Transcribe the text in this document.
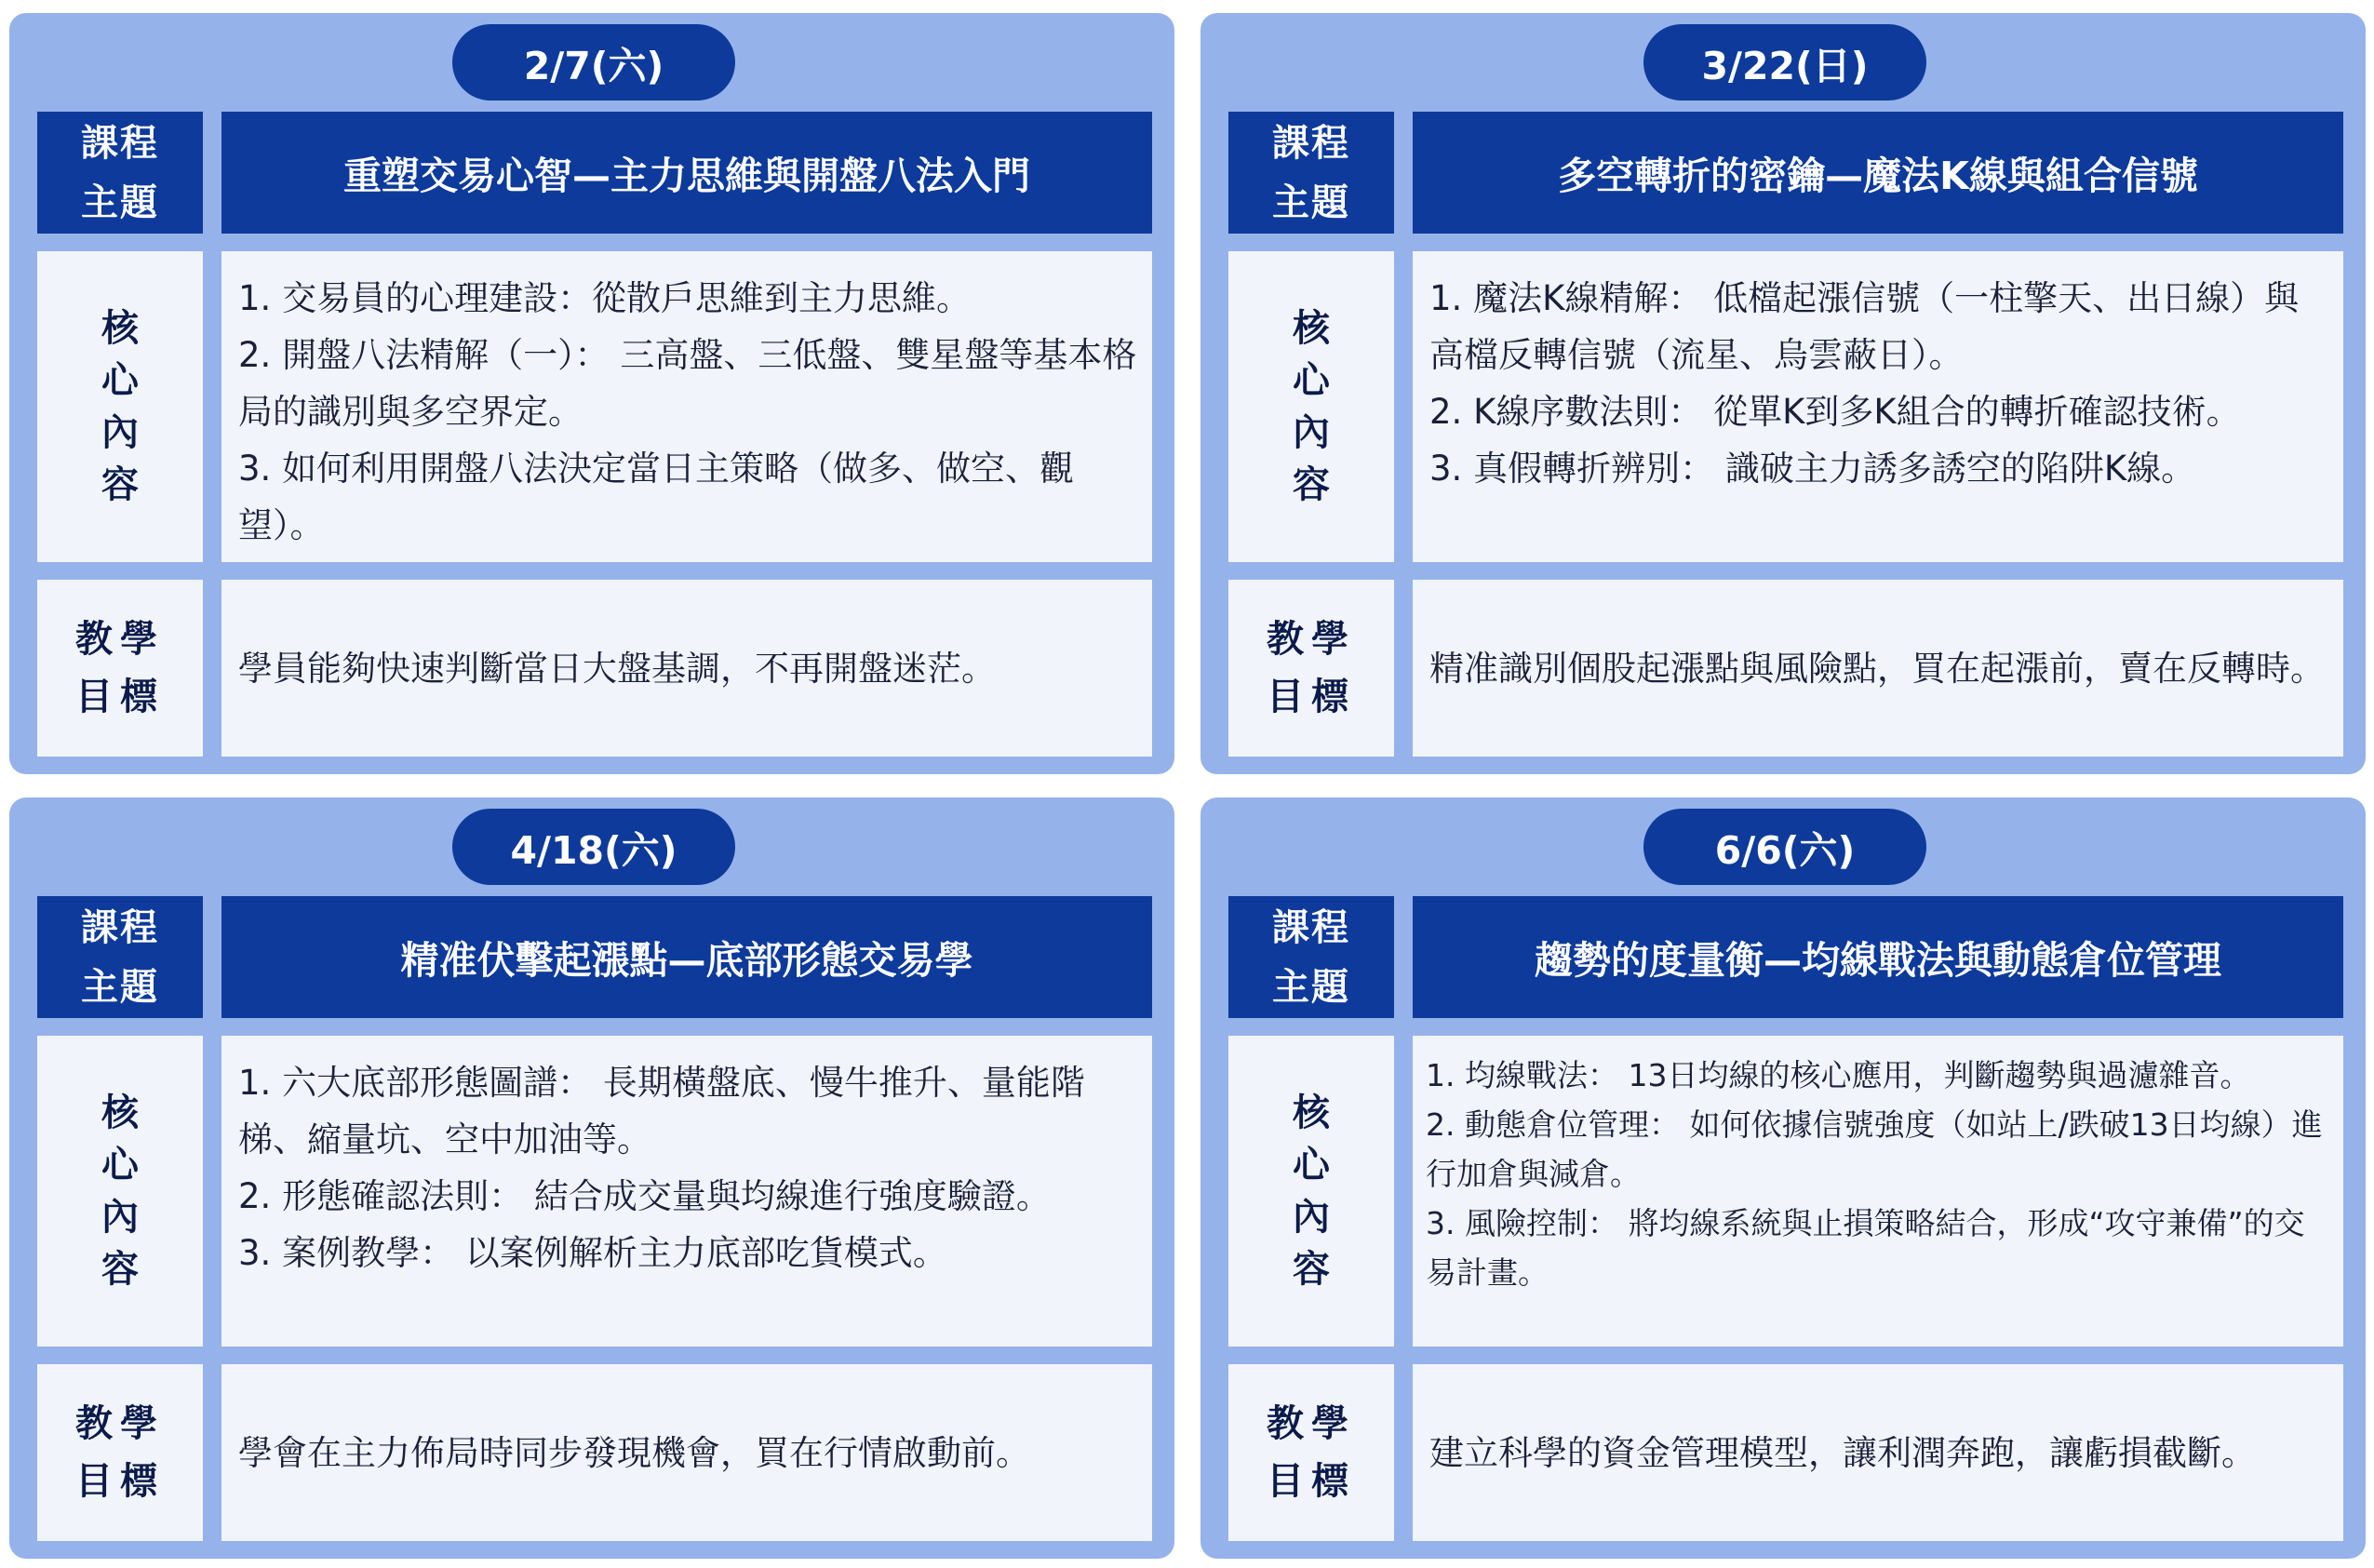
2/7(六)
課程
主題
重塑交易心智—主力思維與開盤八法入門
核心內容
1. 交易員的心理建設：從散戶思維到主力思維。
2. 開盤八法精解（一）： 三高盤、三低盤、雙星盤等基本格局的識別與多空界定。
3. 如何利用開盤八法決定當日主策略（做多、做空、觀望）。
教學
目標
學員能夠快速判斷當日大盤基調，不再開盤迷茫。
3/22(日)
課程
主題
多空轉折的密鑰—魔法K線與組合信號
核心內容
1. 魔法K線精解： 低檔起漲信號（一柱擎天、出日線）與高檔反轉信號（流星、烏雲蔽日）。
2. K線序數法則： 從單K到多K組合的轉折確認技術。
3. 真假轉折辨別： 識破主力誘多誘空的陷阱K線。
教學
目標
精准識別個股起漲點與風險點，買在起漲前，賣在反轉時。
4/18(六)
課程
主題
精准伏擊起漲點—底部形態交易學
核心內容
1. 六大底部形態圖譜： 長期橫盤底、慢牛推升、量能階梯、縮量坑、空中加油等。
2. 形態確認法則： 結合成交量與均線進行強度驗證。
3. 案例教學： 以案例解析主力底部吃貨模式。
教學
目標
學會在主力佈局時同步發現機會，買在行情啟動前。
6/6(六)
課程
主題
趨勢的度量衡—均線戰法與動態倉位管理
核心內容
1. 均線戰法： 13日均線的核心應用，判斷趨勢與過濾雜音。
2. 動態倉位管理： 如何依據信號強度（如站上/跌破13日均線）進行加倉與減倉。
3. 風險控制： 將均線系統與止損策略結合，形成“攻守兼備”的交易計畫。
教學
目標
建立科學的資金管理模型，讓利潤奔跑，讓虧損截斷。
